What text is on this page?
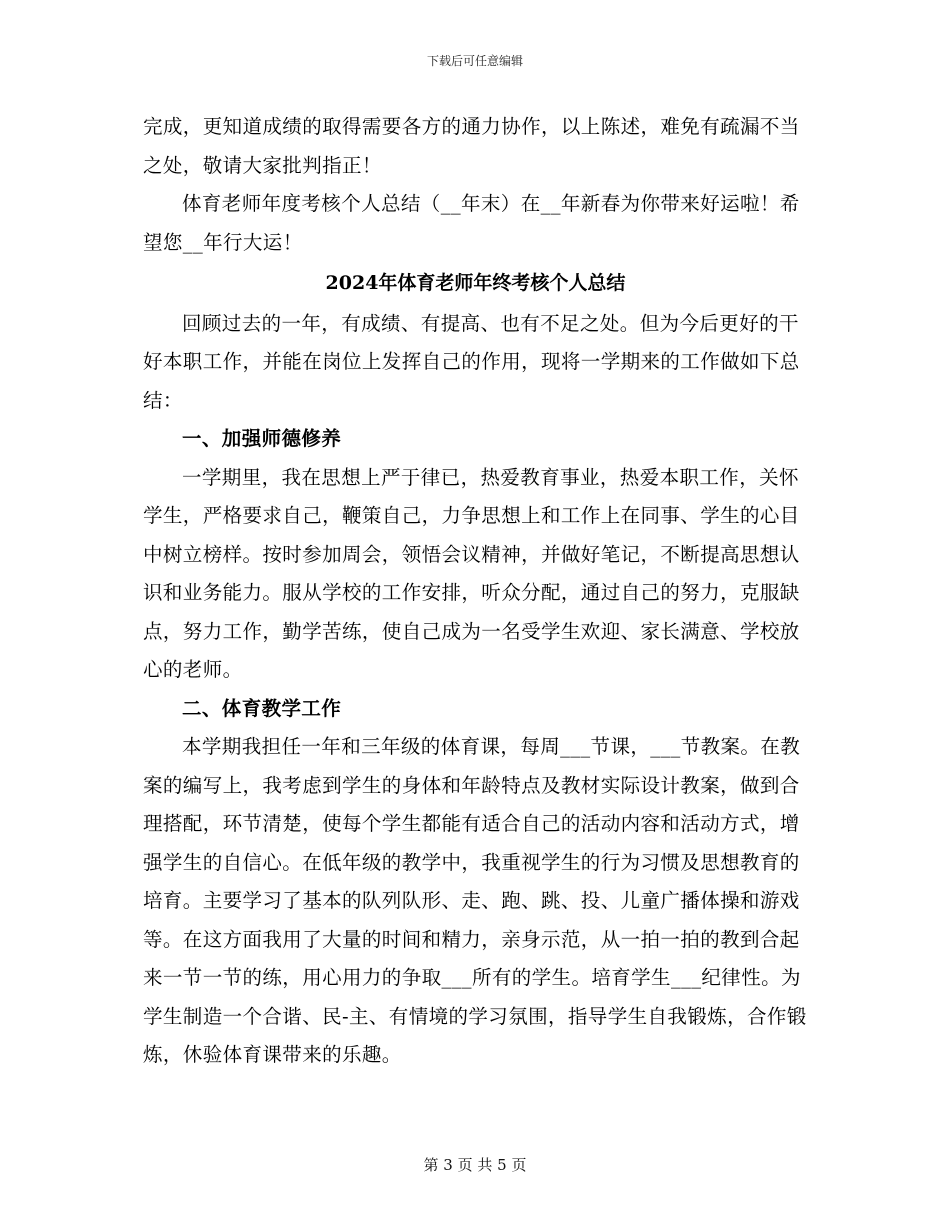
下载后可任意编辑

完成，更知道成绩的取得需要各方的通力协作，以上陈述，难免有疏漏不当之处，敬请大家批判指正！

体育老师年度考核个人总结（__年末）在__年新春为你带来好运啦！希望您__年行大运！

2024年体育老师年终考核个人总结

回顾过去的一年，有成绩、有提高、也有不足之处。但为今后更好的干好本职工作，并能在岗位上发挥自己的作用，现将一学期来的工作做如下总结：

一、加强师德修养

一学期里，我在思想上严于律已，热爱教育事业，热爱本职工作，关怀学生，严格要求自己，鞭策自己，力争思想上和工作上在同事、学生的心目中树立榜样。按时参加周会，领悟会议精神，并做好笔记，不断提高思想认识和业务能力。服从学校的工作安排，听众分配，通过自己的努力，克服缺点，努力工作，勤学苦练，使自己成为一名受学生欢迎、家长满意、学校放心的老师。

二、体育教学工作

本学期我担任一年和三年级的体育课，每周___节课，___节教案。在教案的编写上，我考虑到学生的身体和年龄特点及教材实际设计教案，做到合理搭配，环节清楚，使每个学生都能有适合自己的活动内容和活动方式，增强学生的自信心。在低年级的教学中，我重视学生的行为习惯及思想教育的培育。主要学习了基本的队列队形、走、跑、跳、投、儿童广播体操和游戏等。在这方面我用了大量的时间和精力，亲身示范，从一拍一拍的教到合起来一节一节的练，用心用力的争取___所有的学生。培育学生___纪律性。为学生制造一个合谐、民-主、有情境的学习氛围，指导学生自我锻炼，合作锻炼，休验体育课带来的乐趣。

第 3 页 共 5 页
